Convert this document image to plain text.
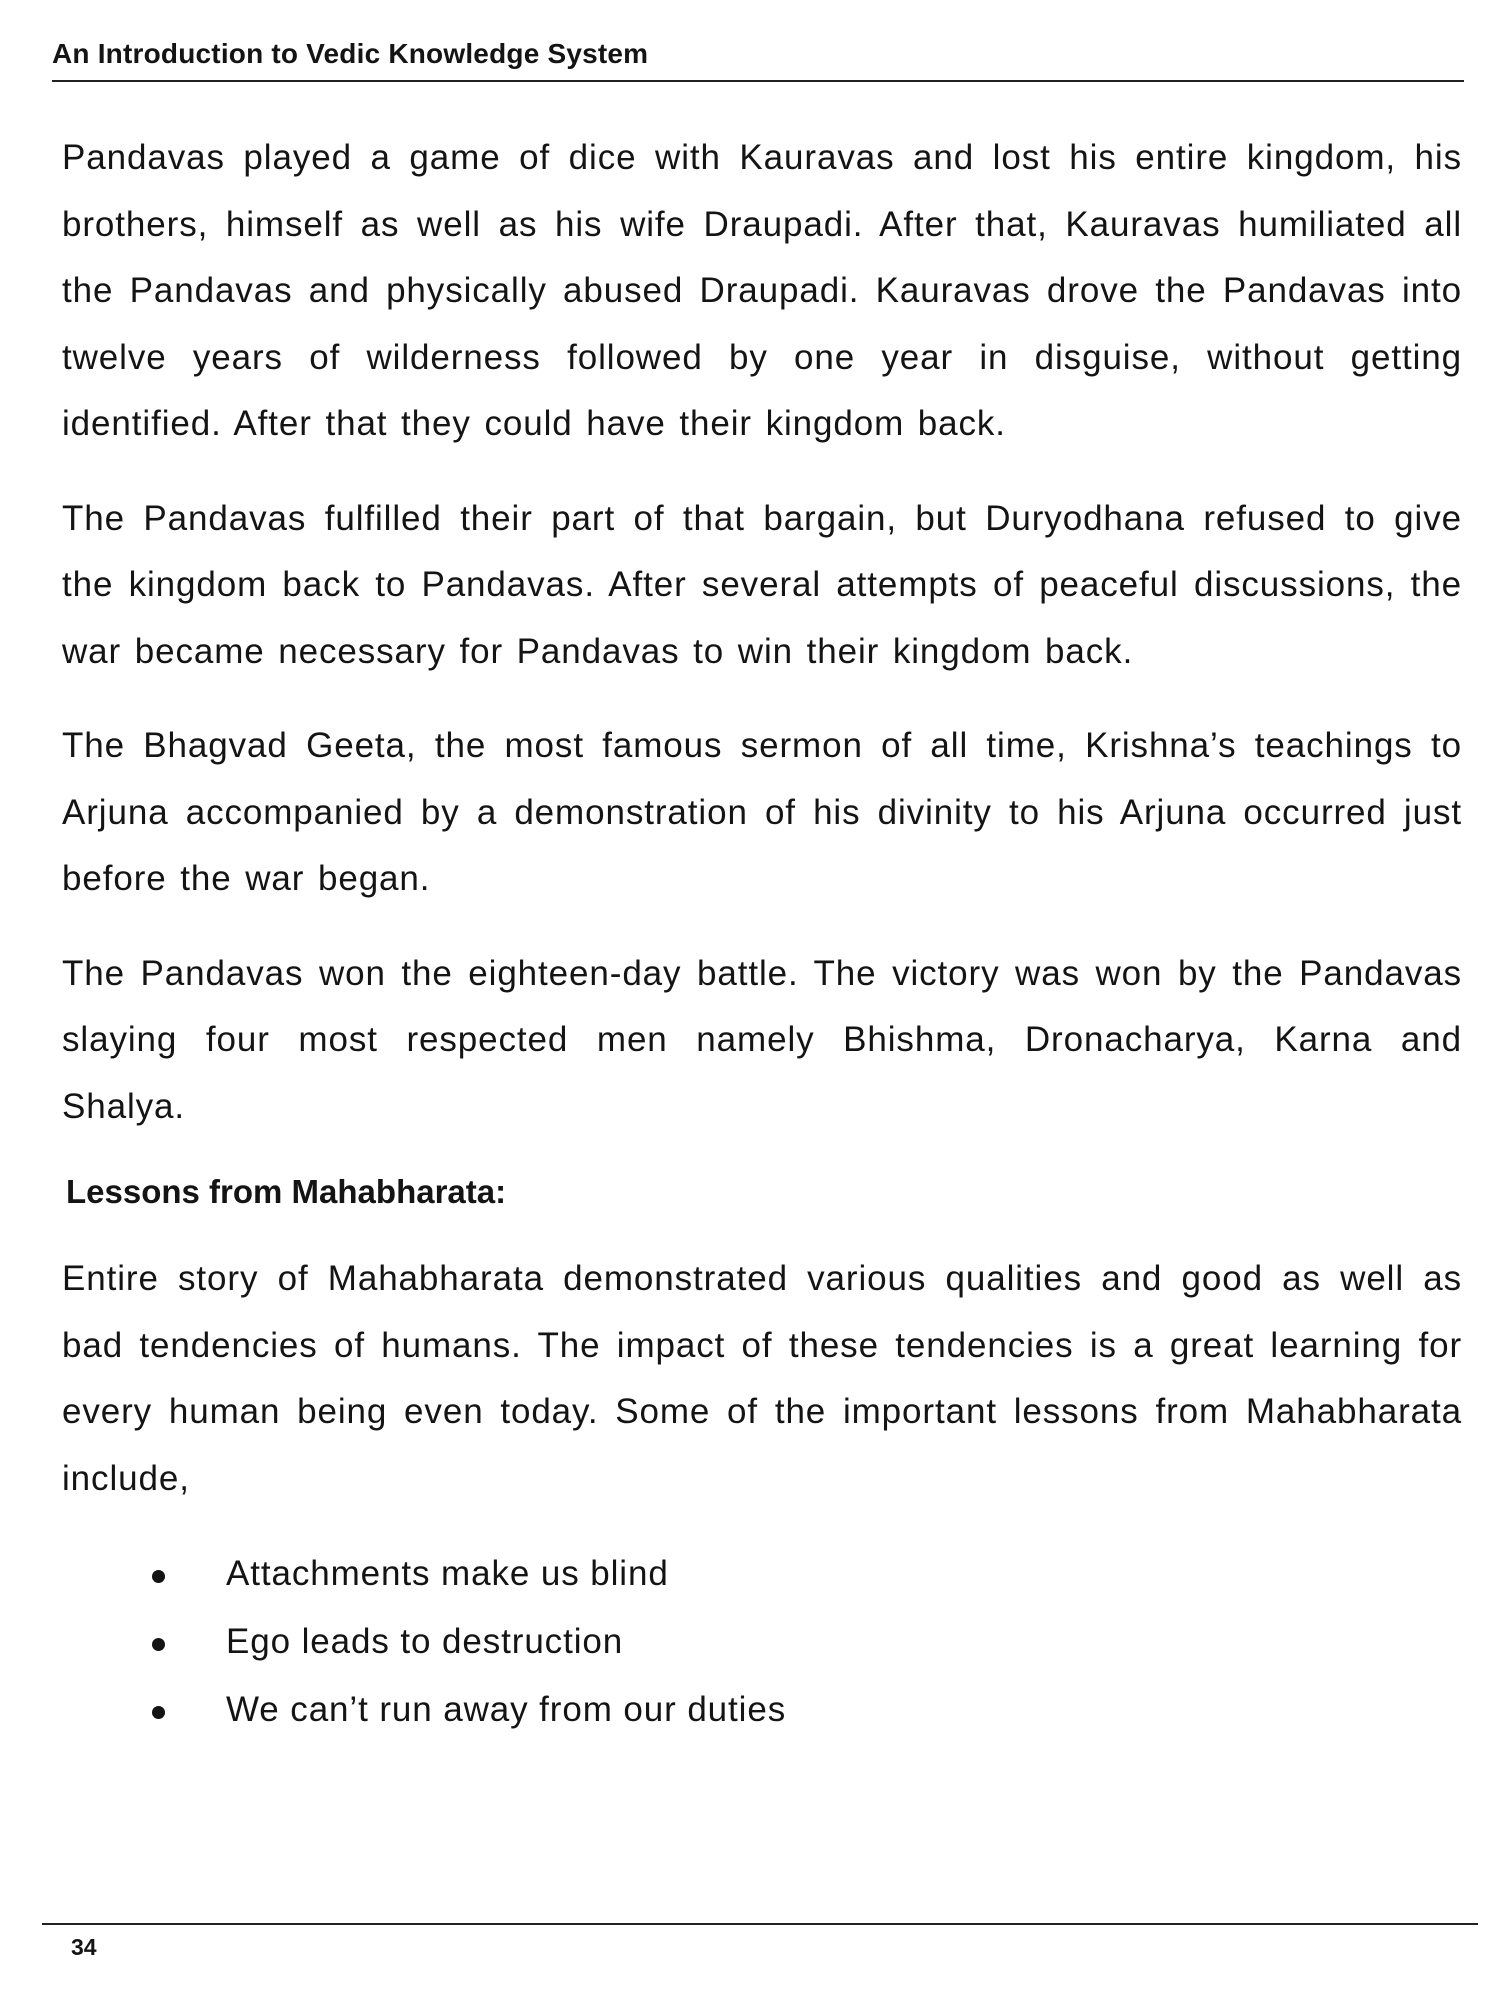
An Introduction to Vedic Knowledge System

Pandavas played a game of dice with Kauravas and lost his entire kingdom, his brothers, himself as well as his wife Draupadi. After that, Kauravas humiliated all the Pandavas and physically abused Draupadi. Kauravas drove the Pandavas into twelve years of wilderness followed by one year in disguise, without getting identified. After that they could have their kingdom back.

The Pandavas fulfilled their part of that bargain, but Duryodhana refused to give the kingdom back to Pandavas. After several attempts of peaceful discussions, the war became necessary for Pandavas to win their kingdom back.

The Bhagvad Geeta, the most famous sermon of all time, Krishna’s teachings to Arjuna accompanied by a demonstration of his divinity to his Arjuna occurred just before the war began.

The Pandavas won the eighteen-day battle. The victory was won by the Pandavas slaying four most respected men namely Bhishma, Dronacharya, Karna and Shalya.

Lessons from Mahabharata:

Entire story of Mahabharata demonstrated various qualities and good as well as bad tendencies of humans. The impact of these tendencies is a great learning for every human being even today. Some of the important lessons from Mahabharata include,

Attachments make us blind
Ego leads to destruction
We can’t run away from our duties
34
